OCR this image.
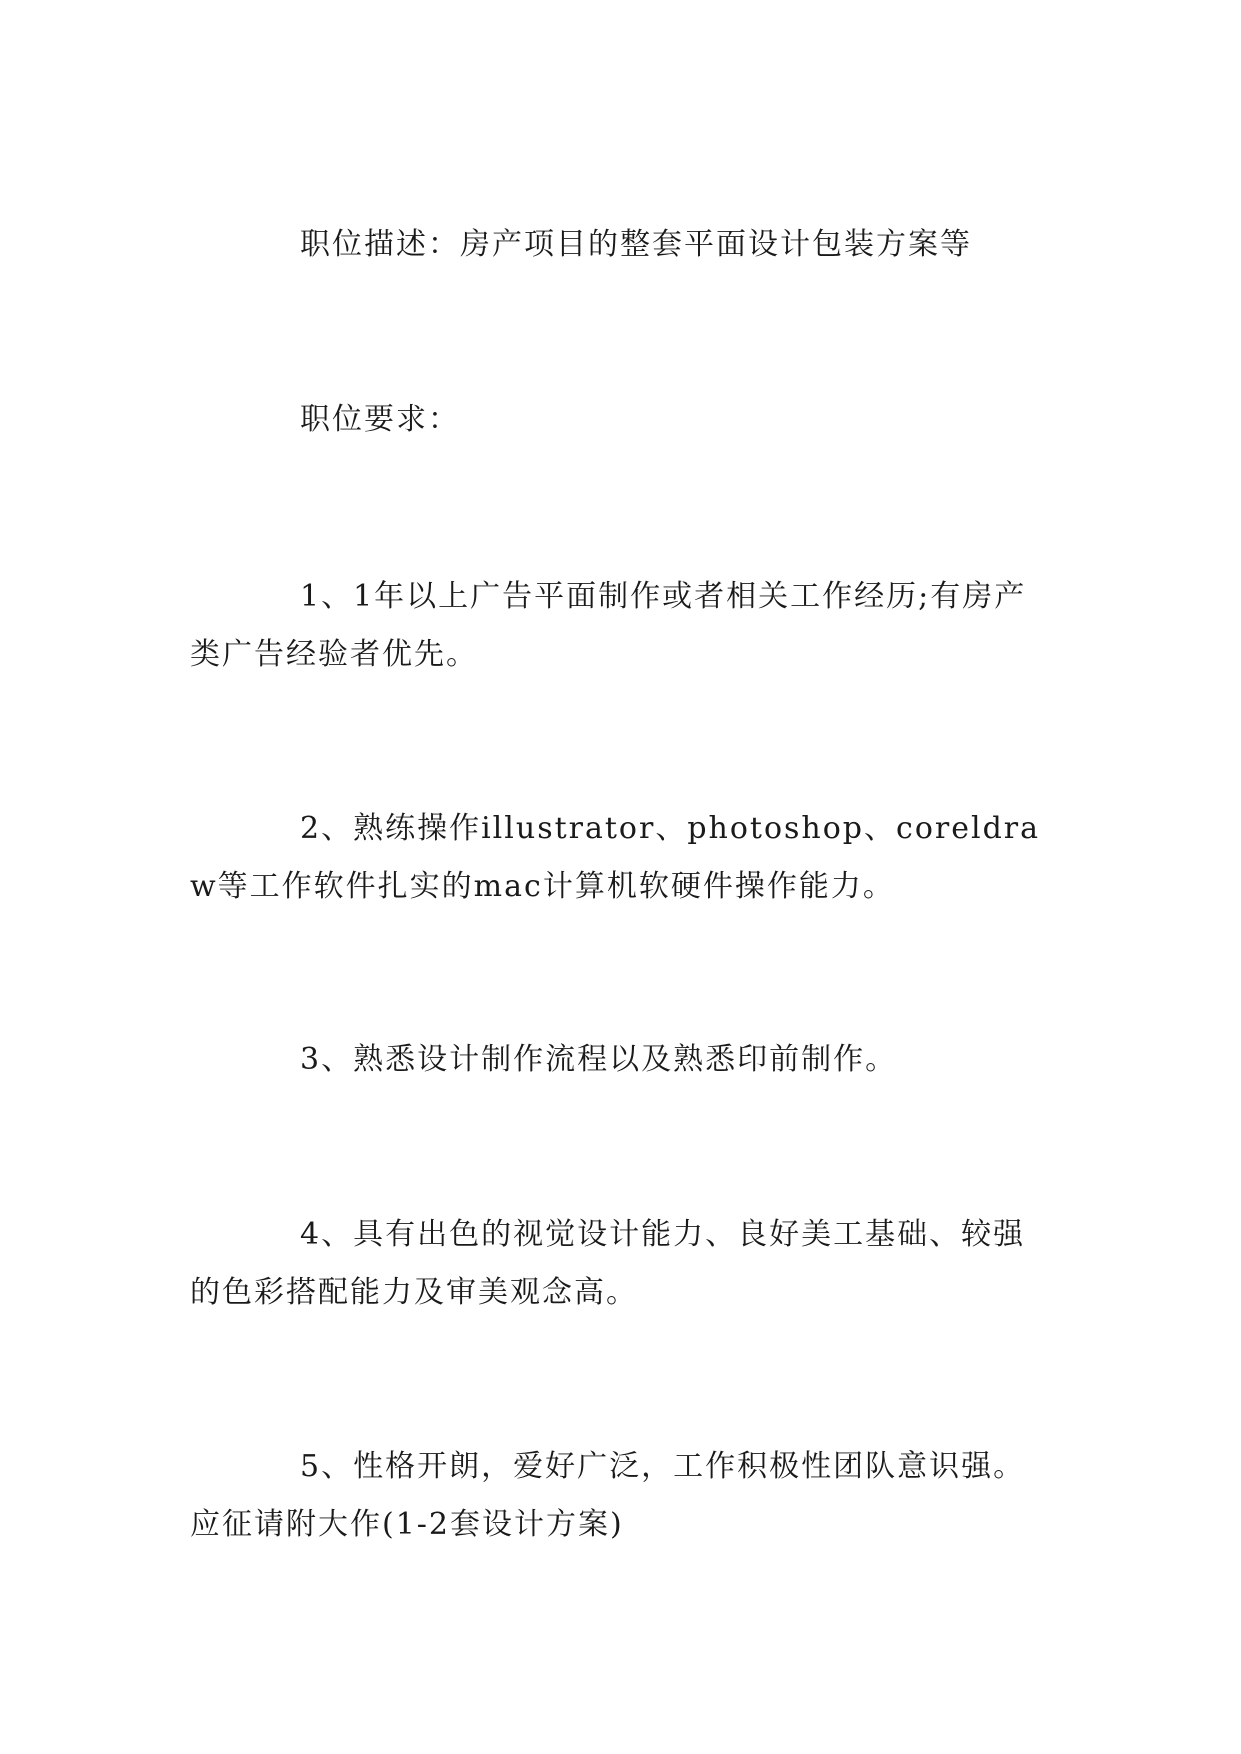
职位描述：房产项目的整套平面设计包装方案等

职位要求：

1、1年以上广告平面制作或者相关工作经历;有房产类广告经验者优先。

2、熟练操作illustrator、photoshop、coreldraw等工作软件扎实的mac计算机软硬件操作能力。

3、熟悉设计制作流程以及熟悉印前制作。

4、具有出色的视觉设计能力、良好美工基础、较强的色彩搭配能力及审美观念高。

5、性格开朗，爱好广泛，工作积极性团队意识强。应征请附大作(1-2套设计方案)
